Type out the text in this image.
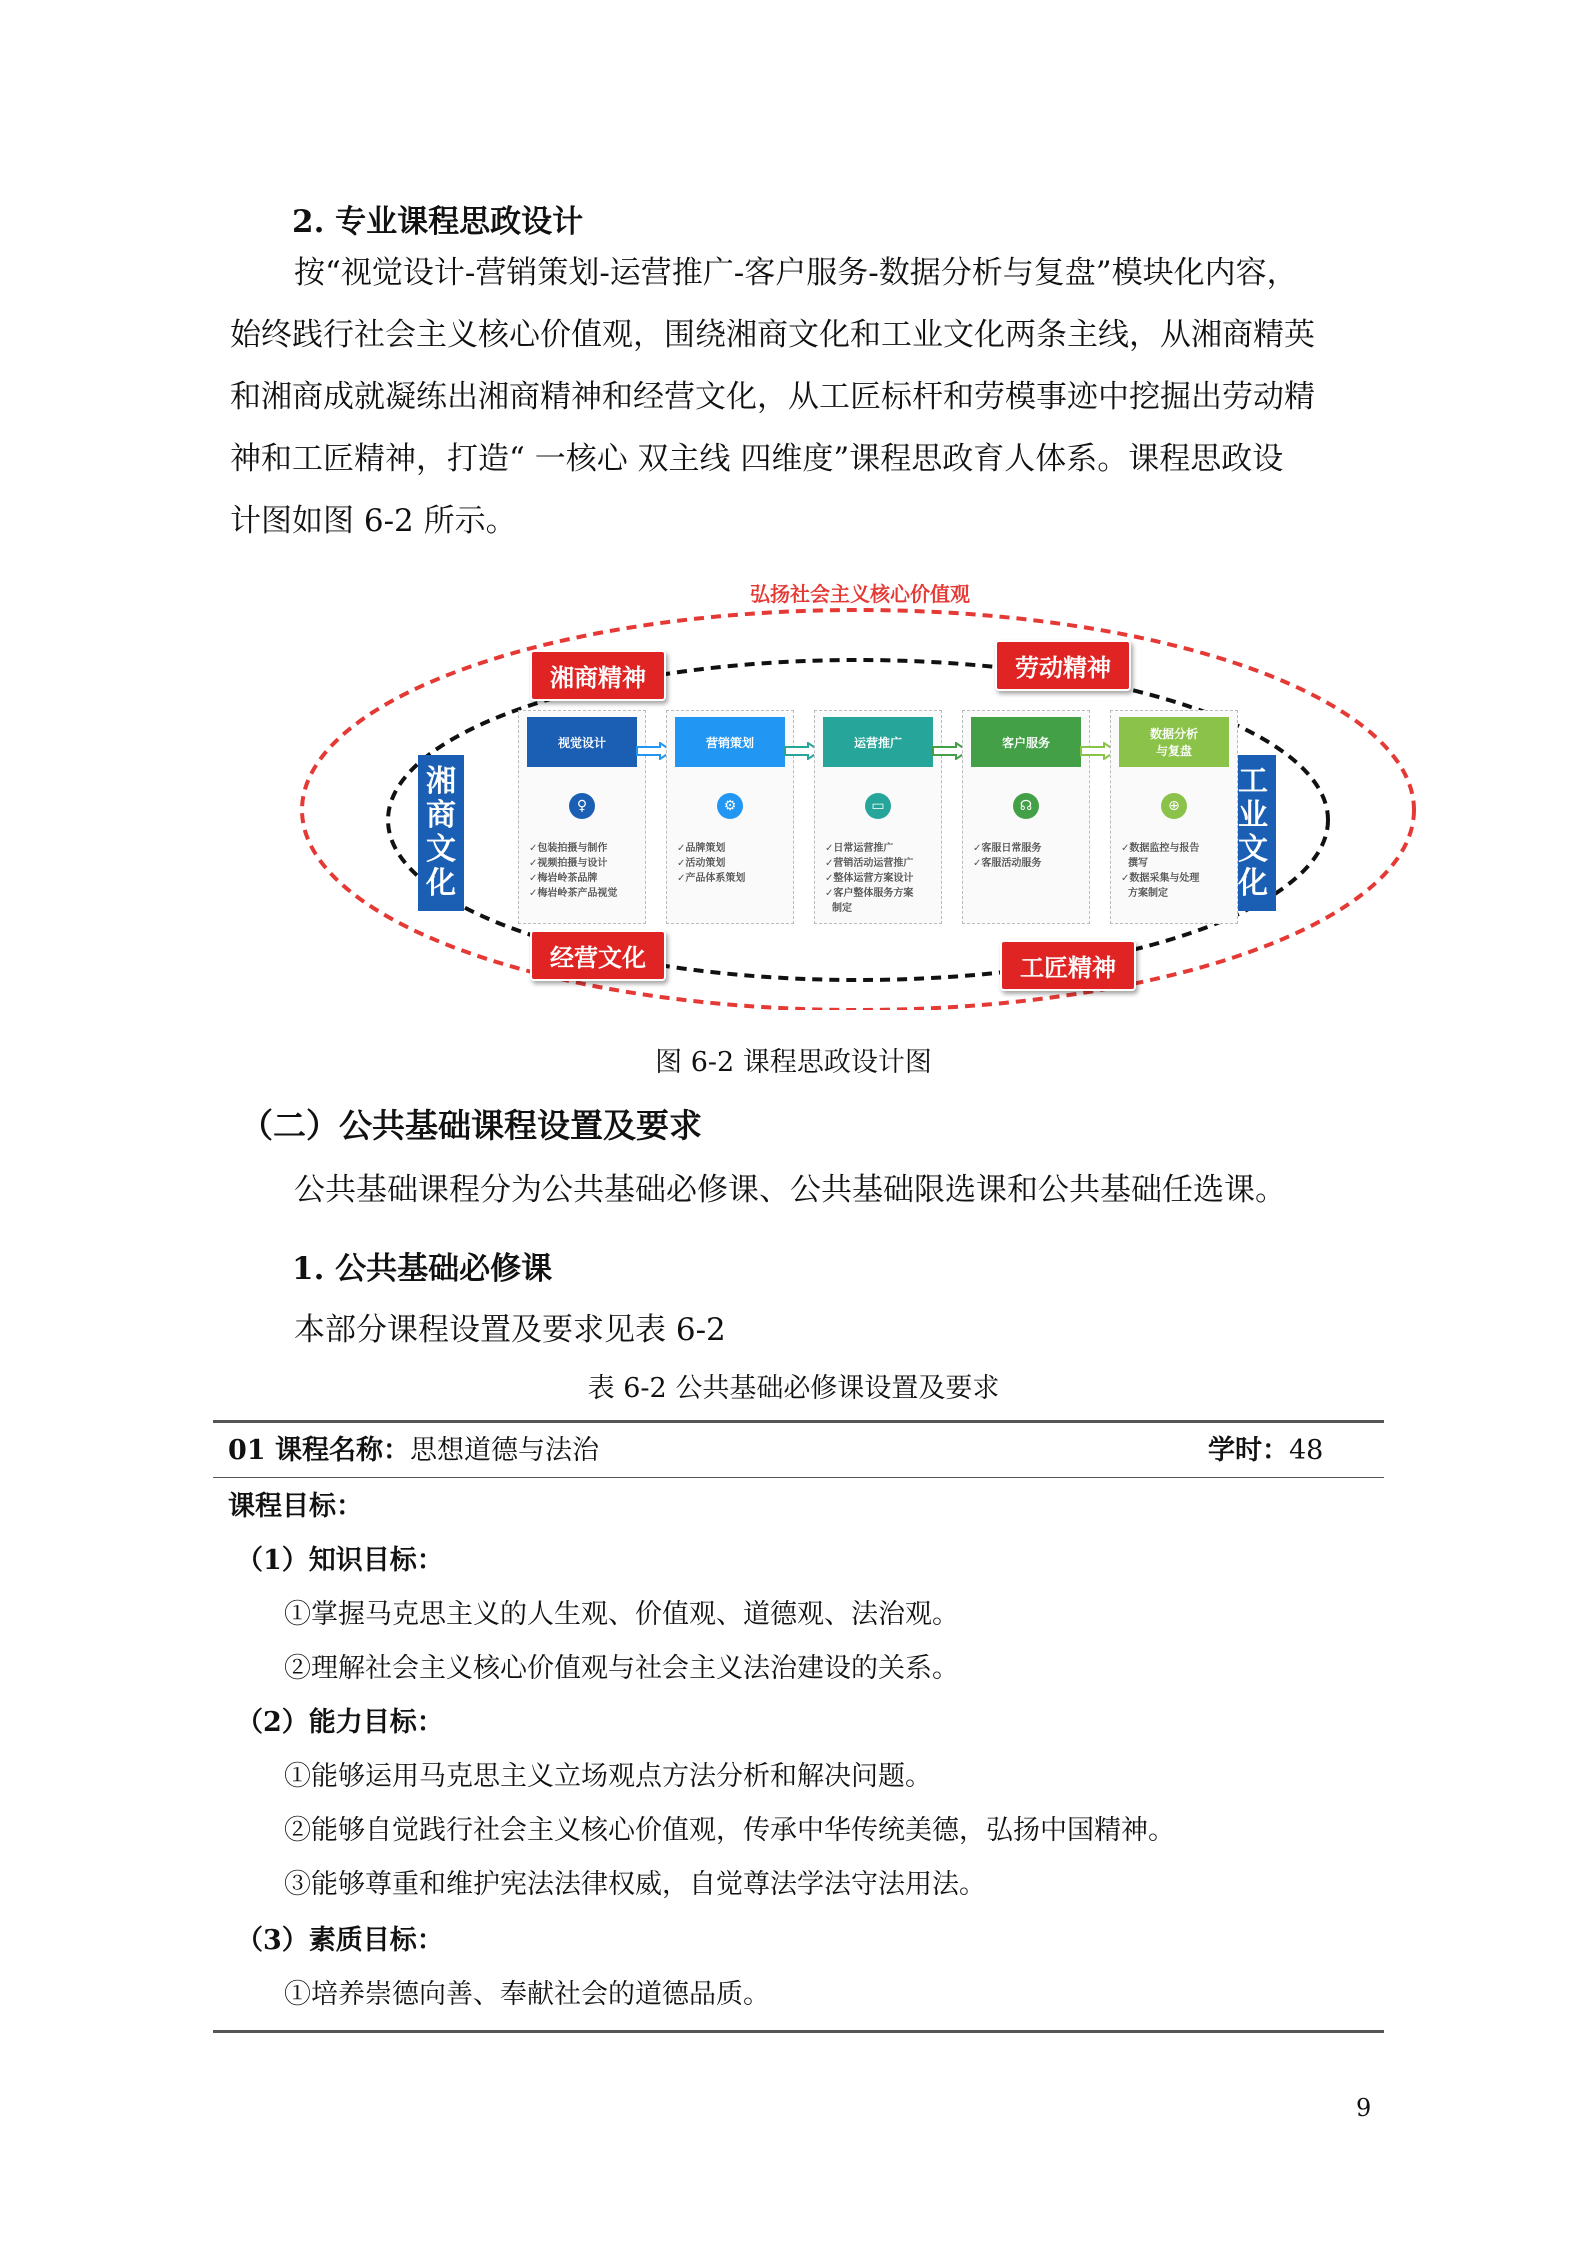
2. 专业课程思政设计
按“视觉设计-营销策划-运营推广-客户服务-数据分析与复盘”模块化内容，
始终践行社会主义核心价值观，围绕湘商文化和工业文化两条主线，从湘商精英
和湘商成就凝练出湘商精神和经营文化，从工匠标杆和劳模事迹中挖掘出劳动精
神和工匠精神，打造“ 一核心 双主线 四维度”课程思政育人体系。课程思政设
计图如图 6-2 所示。
弘扬社会主义核心价值观
湘商精神	劳动精神
经营文化	工匠精神
湘商文化
工业文化
视觉设计
♀
✓包装拍摄与制作
✓视频拍摄与设计
✓梅岩岭茶品牌
✓梅岩岭茶产品视觉
营销策划
⚙
✓品牌策划
✓活动策划
✓产品体系策划
运营推广
▭
✓日常运营推广
✓营销活动运营推广
✓整体运营方案设计
✓客户整体服务方案
制定
客户服务
☊
✓客服日常服务
✓客服活动服务
数据分析
与复盘
⊕
✓数据监控与报告
撰写
✓数据采集与处理
方案制定
图 6-2 课程思政设计图
（二）公共基础课程设置及要求
公共基础课程分为公共基础必修课、公共基础限选课和公共基础任选课。
1. 公共基础必修课
本部分课程设置及要求见表 6-2
表 6-2 公共基础必修课设置及要求
01 课程名称：思想道德与法治	学时：48
课程目标：
（1）知识目标：
①掌握马克思主义的人生观、价值观、道德观、法治观。
②理解社会主义核心价值观与社会主义法治建设的关系。
（2）能力目标：
①能够运用马克思主义立场观点方法分析和解决问题。
②能够自觉践行社会主义核心价值观，传承中华传统美德，弘扬中国精神。
③能够尊重和维护宪法法律权威，自觉尊法学法守法用法。
（3）素质目标：
①培养崇德向善、奉献社会的道德品质。
9
